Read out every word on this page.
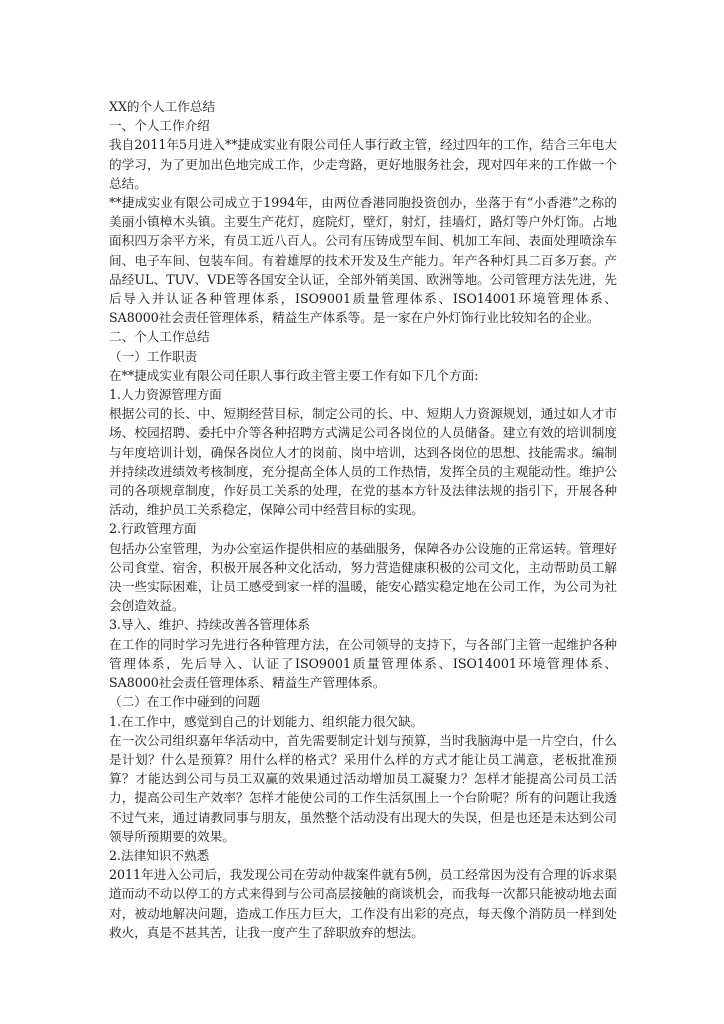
XX的个人工作总结

一、个人工作介绍

我自2011年5月进入**捷成实业有限公司任人事行政主管，经过四年的工作，结合三年电大的学习，为了更加出色地完成工作，少走弯路，更好地服务社会，现对四年来的工作做一个总结。

**捷成实业有限公司成立于1994年，由两位香港同胞投资创办，坐落于有“小香港”之称的美丽小镇樟木头镇。主要生产花灯，庭院灯，壁灯，射灯，挂墙灯，路灯等户外灯饰。占地面积四万余平方米，有员工近八百人。公司有压铸成型车间、机加工车间、表面处理喷涂车间、电子车间、包装车间。有着雄厚的技术开发及生产能力。年产各种灯具二百多万套。产品经UL、TUV、VDE等各国安全认证，全部外销美国、欧洲等地。公司管理方法先进，先后导入并认证各种管理体系，ISO9001质量管理体系、ISO14001环境管理体系、SA8000社会责任管理体系，精益生产体系等。是一家在户外灯饰行业比较知名的企业。

二、个人工作总结

（一）工作职责

在**捷成实业有限公司任职人事行政主管主要工作有如下几个方面:

1.人力资源管理方面

根据公司的长、中、短期经营目标，制定公司的长、中、短期人力资源规划，通过如人才市场、校园招聘、委托中介等各种招聘方式满足公司各岗位的人员储备。建立有效的培训制度与年度培训计划，确保各岗位人才的岗前、岗中培训，达到各岗位的思想、技能需求。编制并持续改进绩效考核制度，充分提高全体人员的工作热情，发挥全员的主观能动性。维护公司的各项规章制度，作好员工关系的处理，在党的基本方针及法律法规的指引下，开展各种活动，维护员工关系稳定，保障公司中经营目标的实现。

2.行政管理方面

包括办公室管理，为办公室运作提供相应的基础服务，保障各办公设施的正常运转。管理好公司食堂、宿舍，积极开展各种文化活动，努力营造健康积极的公司文化，主动帮助员工解决一些实际困难，让员工感受到家一样的温暖，能安心踏实稳定地在公司工作，为公司为社会创造效益。

3.导入、维护、持续改善各管理体系

在工作的同时学习先进行各种管理方法，在公司领导的支持下，与各部门主管一起维护各种管理体系，先后导入、认证了ISO9001质量管理体系、ISO14001环境管理体系、SA8000社会责任管理体系、精益生产管理体系。

（二）在工作中碰到的问题

1.在工作中，感觉到自己的计划能力、组织能力很欠缺。

在一次公司组织嘉年华活动中，首先需要制定计划与预算，当时我脑海中是一片空白，什么是计划？什么是预算？用什么样的格式？采用什么样的方式才能让员工满意，老板批准预算？才能达到公司与员工双赢的效果通过活动增加员工凝聚力？怎样才能提高公司员工活力，提高公司生产效率？怎样才能使公司的工作生活氛围上一个台阶呢？所有的问题让我透不过气来，通过请教同事与朋友，虽然整个活动没有出现大的失误，但是也还是未达到公司领导所预期要的效果。

2.法律知识不熟悉

2011年进入公司后，我发现公司在劳动仲裁案件就有5例，员工经常因为没有合理的诉求渠道而动不动以停工的方式来得到与公司高层接触的商谈机会，而我每一次都只能被动地去面对，被动地解决问题，造成工作压力巨大，工作没有出彩的亮点，每天像个消防员一样到处救火，真是不甚其苦，让我一度产生了辞职放弃的想法。
